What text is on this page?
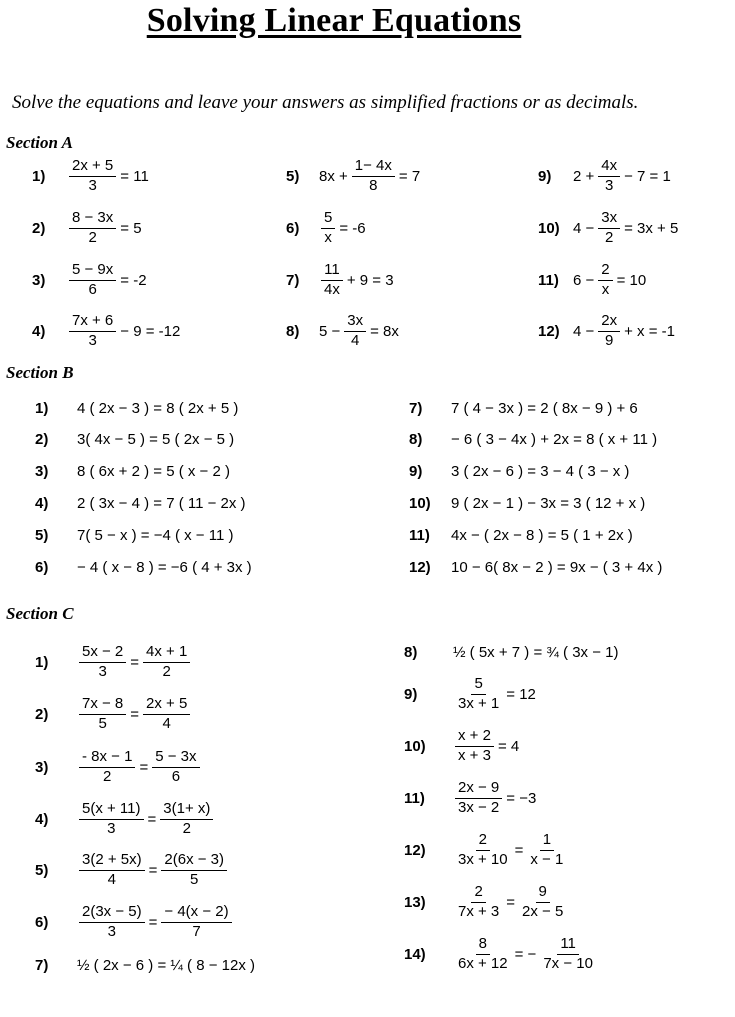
Solving Linear Equations
Solve the equations and leave your answers as simplified fractions or as decimals.
Section A
Section B
Section C
$1) \frac{2x + 5}{3} = 11$
$2) \frac{8 - 3x}{2} = 5$
$3) \frac{5 - 9x}{6} = -2$
$4) \frac{7x + 6}{3} - 9 = -12$
5) $8x + \frac{1- 4x}{8} = 7$
$6) \frac{5}{x} = -6$
$7) \frac{11}{4x} + 9 = 3$
8) $5 - \frac{3x}{4} = 8x$
9) $2 + \frac{4x}{3} - 7 = 1$
10) $4 - \frac{3x}{2} = 3x + 5$
11) $6 - \frac{2}{x} = 10$
12) $4 - \frac{2x}{9} + x = -1$
1) 4 ( 2x − 3 ) = 8 ( 2x + 5 )
2) 3( 4x − 5 ) = 5 ( 2x − 5 )
3) 8 ( 6x + 2 ) = 5 ( x − 2 )
4) 2 ( 3x − 4 ) = 7 ( 11 − 2x )
5) 7( 5 − x ) = −4 ( x − 11 )
6) − 4 ( x − 8 ) = −6 ( 4 + 3x )
7) 7 ( 4 − 3x ) = 2 ( 8x − 9 ) + 6
8) − 6 ( 3 − 4x ) + 2x = 8 ( x + 11 )
9) 3 ( 2x − 6 ) = 3 − 4 ( 3 − x )
10) 9 ( 2x − 1 ) − 3x = 3 ( 12 + x )
11) 4x − ( 2x − 8 ) = 5 ( 1 + 2x )
12) 10 − 6( 8x − 2 ) = 9x − ( 3 + 4x )
$1) \frac{5x - 2}{3} = \frac{4x + 1}{2}$
$2) \frac{7x - 8}{5} = \frac{2x + 5}{4}$
$3) \frac{- 8x - 1}{2} = \frac{5 - 3x}{6}$
$4) \frac{5(x + 11)}{3} = \frac{3(1+ x)}{2}$
$5) \frac{3(2 + 5x)}{4} = \frac{2(6x - 3)}{5}$
$6) \frac{2(3x - 5)}{3} = \frac{- 4(x - 2)}{7}$
7) ½ ( 2x − 6 ) = ¼ ( 8 − 12x )
8) ½ ( 5x + 7 ) = ¾ ( 3x − 1)
9)	$\frac{5}{3x + 1} = 12$
$10) \frac{x + 2}{x + 3} = 4$
$11) \frac{2x - 9}{3x - 2} = -3$
$12) \frac{2}{3x + 10} = \frac{1}{x - 1}$
$13) \frac{2}{7x + 3} = \frac{9}{2x - 5}$
$14) \frac{8}{6x + 12}$ = − $\frac{11}{7x - 10}$
